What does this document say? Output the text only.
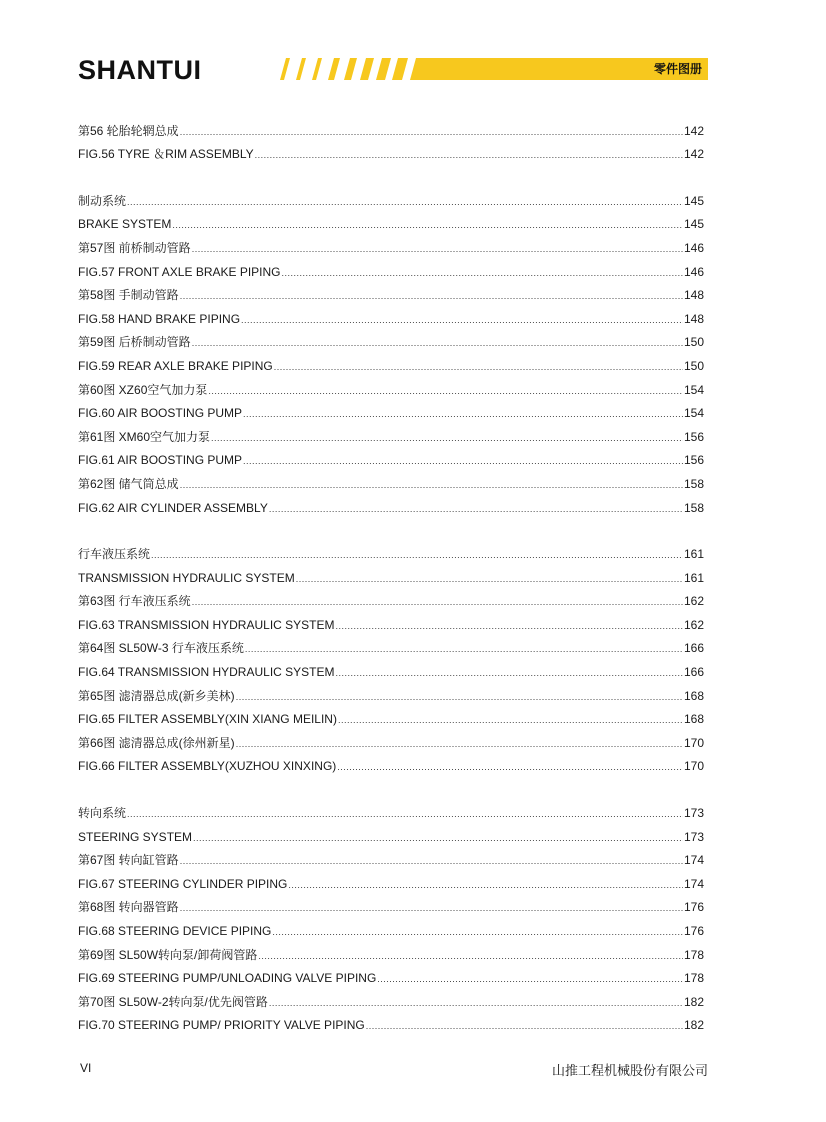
SHANTUI	零件图册
第56 轮胎轮辋总成 .....	142
FIG.56 TYRE ＆RIM ASSEMBLY .....	142
制动系统 .....	145
BRAKE SYSTEM .....	145
第57图 前桥制动管路 .....	146
FIG.57 FRONT AXLE BRAKE PIPING .....	146
第58图 手制动管路 .....	148
FIG.58 HAND BRAKE PIPING .....	148
第59图 后桥制动管路 .....	150
FIG.59 REAR AXLE BRAKE PIPING .....	150
第60图 XZ60空气加力泵 .....	154
FIG.60 AIR BOOSTING PUMP .....	154
第61图 XM60空气加力泵 .....	156
FIG.61 AIR BOOSTING PUMP .....	156
第62图 储气筒总成 .....	158
FIG.62 AIR CYLINDER ASSEMBLY .....	158
行车液压系统 .....	161
TRANSMISSION HYDRAULIC SYSTEM .....	161
第63图 行车液压系统 .....	162
FIG.63 TRANSMISSION HYDRAULIC SYSTEM .....	162
第64图 SL50W-3 行车液压系统 .....	166
FIG.64 TRANSMISSION HYDRAULIC SYSTEM .....	166
第65图 滤清器总成(新乡美林) .....	168
FIG.65 FILTER ASSEMBLY(XIN XIANG MEILIN) .....	168
第66图 滤清器总成(徐州新星) .....	170
FIG.66 FILTER ASSEMBLY(XUZHOU XINXING) .....	170
转向系统 .....	173
STEERING SYSTEM .....	173
第67图 转向缸管路 .....	174
FIG.67 STEERING CYLINDER PIPING .....	174
第68图 转向器管路 .....	176
FIG.68 STEERING DEVICE PIPING .....	176
第69图 SL50W转向泵/卸荷阀管路 .....	178
FIG.69 STEERING PUMP/UNLOADING VALVE PIPING .....	178
第70图 SL50W-2转向泵/优先阀管路 .....	182
FIG.70 STEERING PUMP/ PRIORITY VALVE PIPING .....	182
VI	山推工程机械股份有限公司
